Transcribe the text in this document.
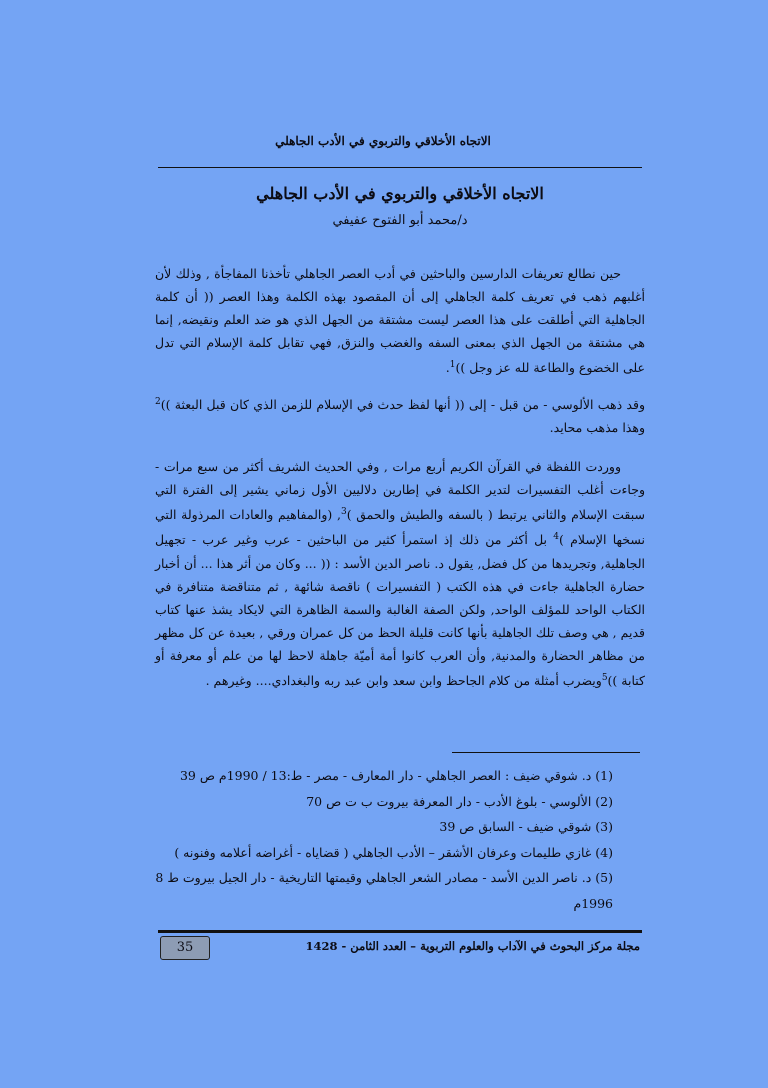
الاتجاه الأخلاقي والتربوي في الأدب الجاهلي
الاتجاه الأخلاقي والتربوي في الأدب الجاهلي
د/محمد أبو الفتوح عفيفي

حين نطالع تعريفات الدارسين والباحثين في أدب العصر الجاهلي تأخذنا المفاجأة , وذلك لأن أغلبهم ذهب في تعريف كلمة الجاهلي إلى أن المقصود بهذه الكلمة وهذا العصر (( أن كلمة الجاهلية التي أطلقت على هذا العصر ليست مشتقة من الجهل الذي هو ضد العلم ونقيضه, إنما هي مشتقة من الجهل الذي بمعنى السفه والغضب والنزق, فهي تقابل كلمة الإسلام التي تدل على الخضوع والطاعة لله عز وجل ))$^1$.

وقد ذهب الألوسي - من قبل - إلى (( أنها لفظ حدث في الإسلام للزمن الذي كان قبل البعثة ))$^2$ وهذا مذهب محايد.

ووردت اللفظة في القرآن الكريم أربع مرات , وفي الحديث الشريف أكثر من سبع مرات - وجاءت أغلب التفسيرات لتدير الكلمة في إطارين دلاليين الأول زماني يشير إلى الفترة التي سبقت الإسلام والثاني يرتبط ( بالسفه والطيش والحمق )$^3$, (والمفاهيم والعادات المرذولة التي نسخها الإسلام )$^4$ بل أكثر من ذلك إذ استمرأ كثير من الباحثين - عرب وغير عرب - تجهيل الجاهلية, وتجريدها من كل فضل, يقول د. ناصر الدين الأسد : (( ... وكان من أثر هذا ... أن أخبار حضارة الجاهلية جاءت في هذه الكتب ( التفسيرات ) ناقصة شائهة , ثم متناقضة متنافرة في الكتاب الواحد للمؤلف الواحد, ولكن الصفة الغالبة والسمة الظاهرة التي لايكاد يشذ عنها كتاب قديم , هي وصف تلك الجاهلية بأنها كانت قليلة الحظ من كل عمران ورقي , بعيدة عن كل مظهر من مظاهر الحضارة والمدنية, وأن العرب كانوا أمة أميّة جاهلة لاحظ لها من علم أو معرفة أو كتابة ))$^5$ويضرب أمثلة من كلام الجاحظ وابن سعد وابن عبد ربه والبغدادي.... وغيرهم .

(1) د. شوقي ضيف : العصر الجاهلي - دار المعارف - مصر - ط:13 / 1990م ص 39
(2) الألوسي - بلوغ الأدب - دار المعرفة بيروت ب ت ص 70
(3) شوقي ضيف - السابق ص 39
(4) غازي طليمات وعرفان الأشقر – الأدب الجاهلي ( قضاياه - أغراضه أعلامه وفنونه )
(5) د. ناصر الدين الأسد - مصادر الشعر الجاهلي وقيمتها التاريخية - دار الجيل بيروت ط 8
1996م
35	مجلة مركز البحوث في الآداب والعلوم التربوية – العدد الثامن - 1428
